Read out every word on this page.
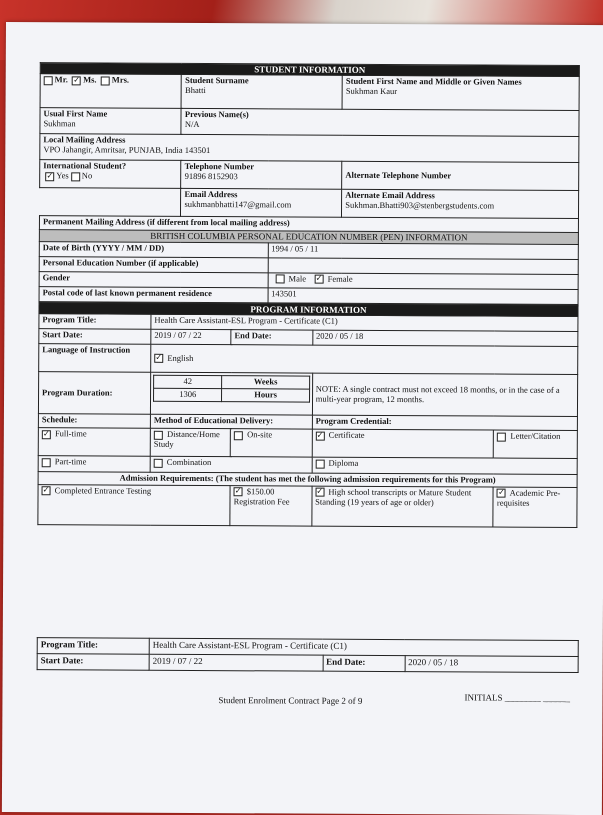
STUDENT INFORMATION			
Mr. ✓ Ms. Mrs.	Student Surname
Bhatti		Student First Name and Middle or Given Names
Sukhman Kaur

Usual First Name
Sukhman	Previous Name(s)
N/A		

Local Mailing Address
VPO Jahangir, Amritsar, PUNJAB, India 143501			

International Student?
✓Yes No	Telephone Number
91896 8152903		Alternate Telephone Number

	Email Address
sukhmanbhatti147@gmail.com		Alternate Email Address
Sukhman.Bhatti903@stenbergstudents.com

Permanent Mailing Address (if different from local mailing address)			

BRITISH COLUMBIA PERSONAL EDUCATION NUMBER (PEN) INFORMATION			

Date of Birth (YYYY / MM / DD)		1994 / 05 / 11	

Personal Education Number (if applicable)			

Gender		Male ✓ Female

Postal code of last known permanent residence		143501	
PROGRAM INFORMATION

Program Title:	Health Care Assistant-ESL Program - Certificate (C1)

Start Date:	2019 / 07 / 22	End Date:	2020 / 05 / 18

Language of Instruction
	✓ English

Program Duration:

42	Weeks
1306	Hours
		NOTE: A single contract must not exceed 18 months, or in the case of a multi-year program, 12 months.

Schedule:	Method of Educational Delivery:	Program Credential:

✓ Full-time	Distance/Home Study	On-site	✓Certificate	Letter/Citation
Part-time	Combination	Diploma
Admission Requirements: (The student has met the following admission requirements for this Program)
✓ Completed Entrance Testing	✓$150.00 Registration Fee	✓ High school transcripts or Mature Student Standing (19 years of age or older)	✓ Academic Pre-requisites
Program Title:	Health Care Assistant-ESL Program - Certificate (C1)		

Start Date:	2019 / 07 / 22	End Date:	2020 / 05 / 18
Student Enrolment Contract Page 2 of 9	INITIALS ________ ______
